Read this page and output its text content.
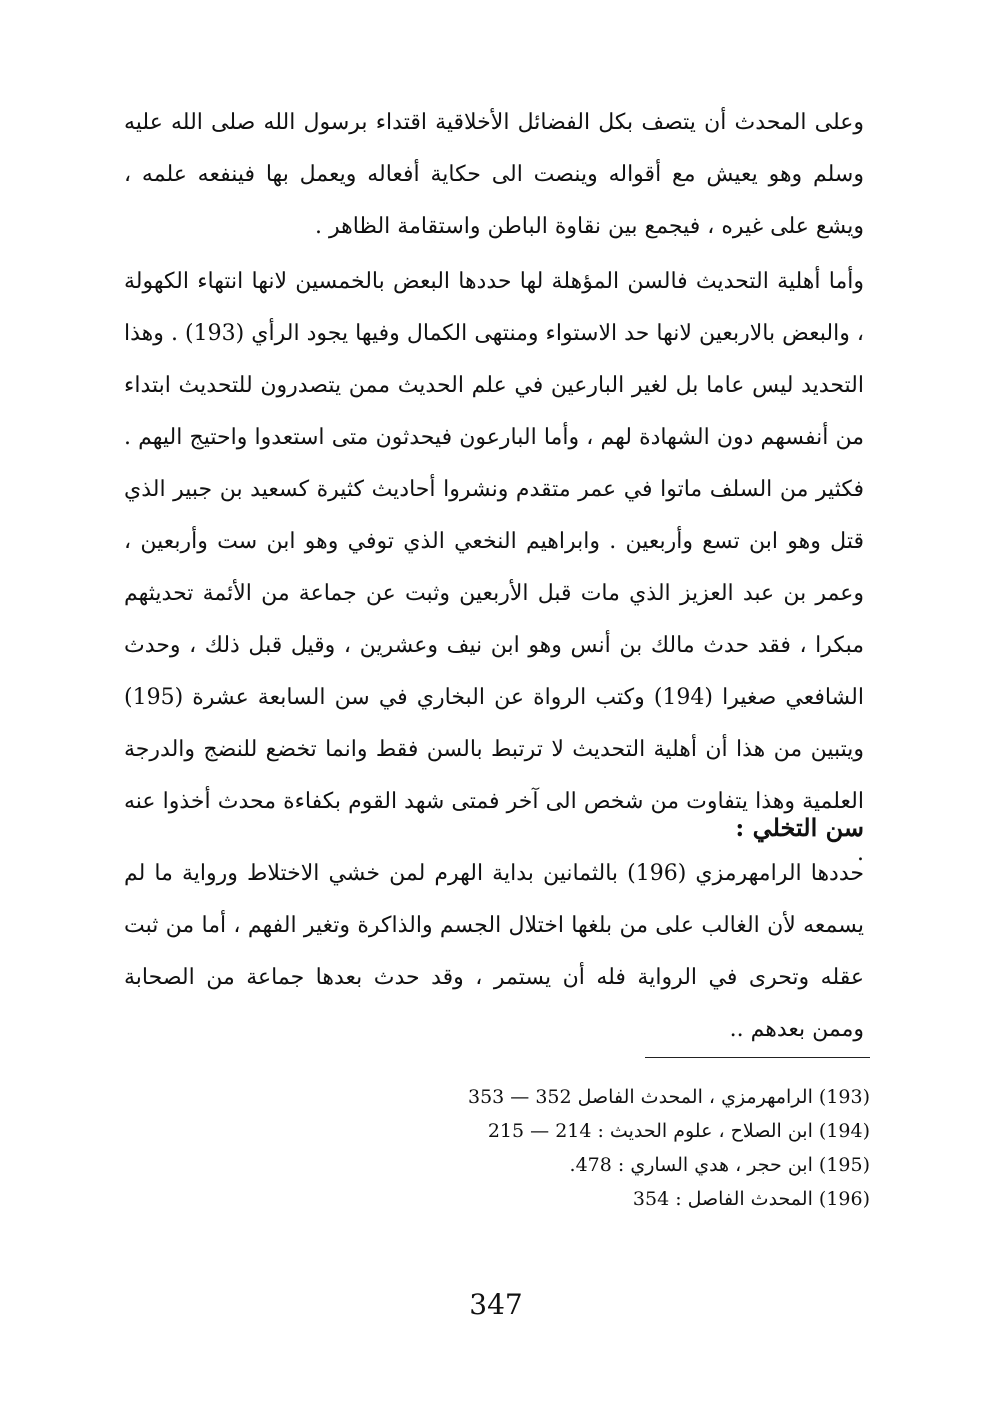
وعلى المحدث أن يتصف بكل الفضائل الأخلاقية اقتداء برسول الله صلى الله عليه وسلم وهو يعيش مع أقواله وينصت الى حكاية أفعاله ويعمل بها فينفعه علمه ، ويشع على غيره ، فيجمع بين نقاوة الباطن واستقامة الظاهر .

وأما أهلية التحديث فالسن المؤهلة لها حددها البعض بالخمسين لانها انتهاء الكهولة ، والبعض بالاربعين لانها حد الاستواء ومنتهى الكمال وفيها يجود الرأي (193) . وهذا التحديد ليس عاما بل لغير البارعين في علم الحديث ممن يتصدرون للتحديث ابتداء من أنفسهم دون الشهادة لهم ، وأما البارعون فيحدثون متى استعدوا واحتيج اليهم . فكثير من السلف ماتوا في عمر متقدم ونشروا أحاديث كثيرة كسعيد بن جبير الذي قتل وهو ابن تسع وأربعين . وابراهيم النخعي الذي توفي وهو ابن ست وأربعين ، وعمر بن عبد العزيز الذي مات قبل الأربعين وثبت عن جماعة من الأئمة تحديثهم مبكرا ، فقد حدث مالك بن أنس وهو ابن نيف وعشرين ، وقيل قبل ذلك ، وحدث الشافعي صغيرا (194) وكتب الرواة عن البخاري في سن السابعة عشرة (195) ويتبين من هذا أن أهلية التحديث لا ترتبط بالسن فقط وانما تخضع للنضج والدرجة العلمية وهذا يتفاوت من شخص الى آخر فمتى شهد القوم بكفاءة محدث أخذوا عنه .

سن التخلي :

حددها الرامهرمزي (196) بالثمانين بداية الهرم لمن خشي الاختلاط ورواية ما لم يسمعه لأن الغالب على من بلغها اختلال الجسم والذاكرة وتغير الفهم ، أما من ثبت عقله وتحرى في الرواية فله أن يستمر ، وقد حدث بعدها جماعة من الصحابة وممن بعدهم ..

(193) الرامهرمزي ، المحدث الفاصل 352 — 353

(194) ابن الصلاح ، علوم الحديث : 214 — 215

(195) ابن حجر ، هدي الساري : 478.

(196) المحدث الفاصل : 354

347
